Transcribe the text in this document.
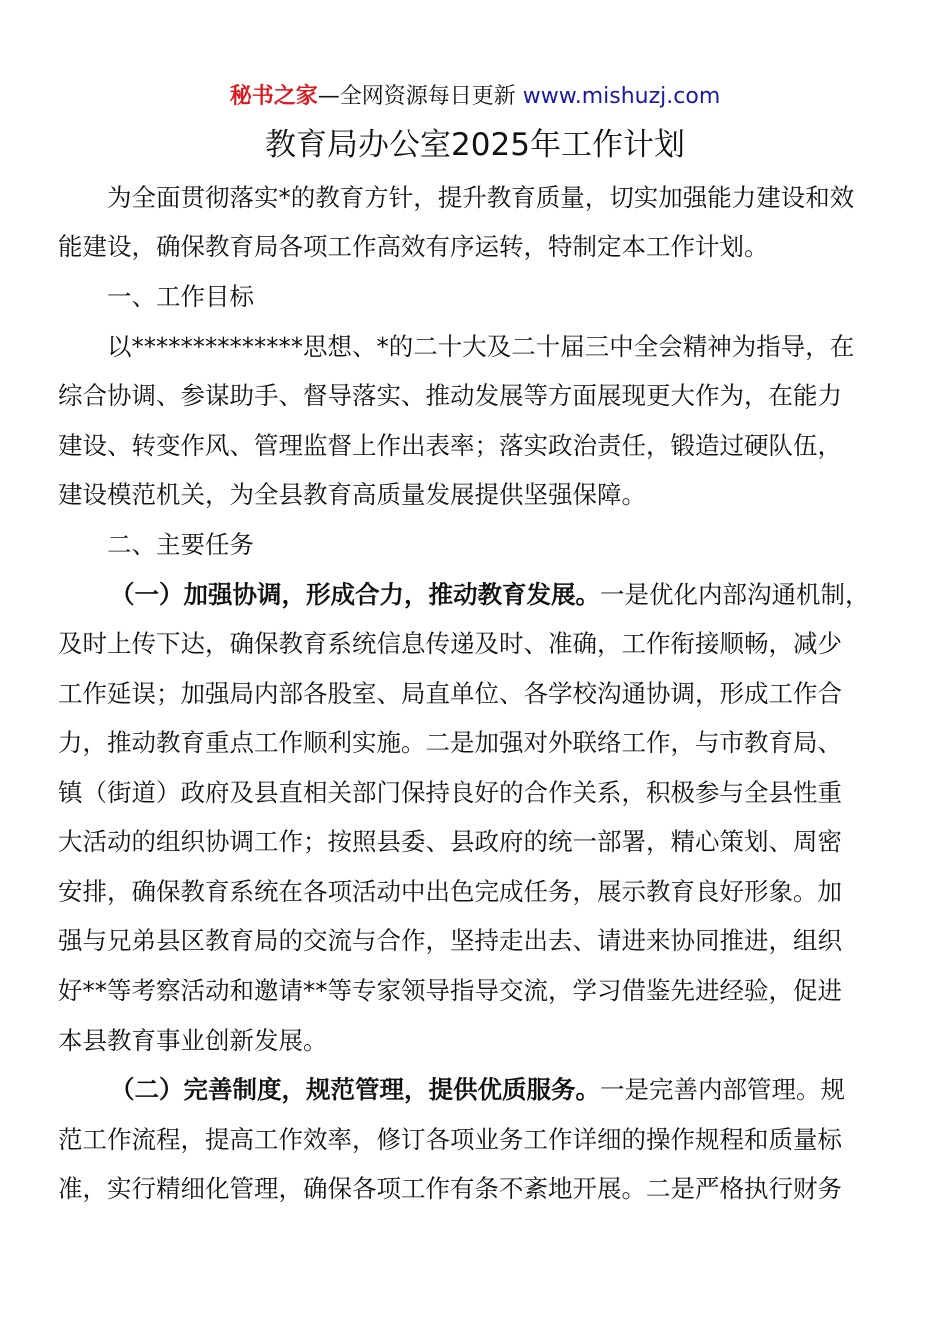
秘书之家—全网资源每日更新 www.mishuzj.com
教育局办公室2025年工作计划
为全面贯彻落实*的教育方针，提升教育质量，切实加强能力建设和效
能建设，确保教育局各项工作高效有序运转，特制定本工作计划。
一、工作目标
以**************思想、*的二十大及二十届三中全会精神为指导，在
综合协调、参谋助手、督导落实、推动发展等方面展现更大作为，在能力
建设、转变作风、管理监督上作出表率；落实政治责任，锻造过硬队伍，
建设模范机关，为全县教育高质量发展提供坚强保障。
二、主要任务
（一）加强协调，形成合力，推动教育发展。一是优化内部沟通机制，
及时上传下达，确保教育系统信息传递及时、准确，工作衔接顺畅，减少
工作延误；加强局内部各股室、局直单位、各学校沟通协调，形成工作合
力，推动教育重点工作顺利实施。二是加强对外联络工作，与市教育局、
镇（街道）政府及县直相关部门保持良好的合作关系，积极参与全县性重
大活动的组织协调工作；按照县委、县政府的统一部署，精心策划、周密
安排，确保教育系统在各项活动中出色完成任务，展示教育良好形象。加
强与兄弟县区教育局的交流与合作，坚持走出去、请进来协同推进，组织
好**等考察活动和邀请**等专家领导指导交流，学习借鉴先进经验，促进
本县教育事业创新发展。
（二）完善制度，规范管理，提供优质服务。一是完善内部管理。规
范工作流程，提高工作效率，修订各项业务工作详细的操作规程和质量标
准，实行精细化管理，确保各项工作有条不紊地开展。二是严格执行财务
